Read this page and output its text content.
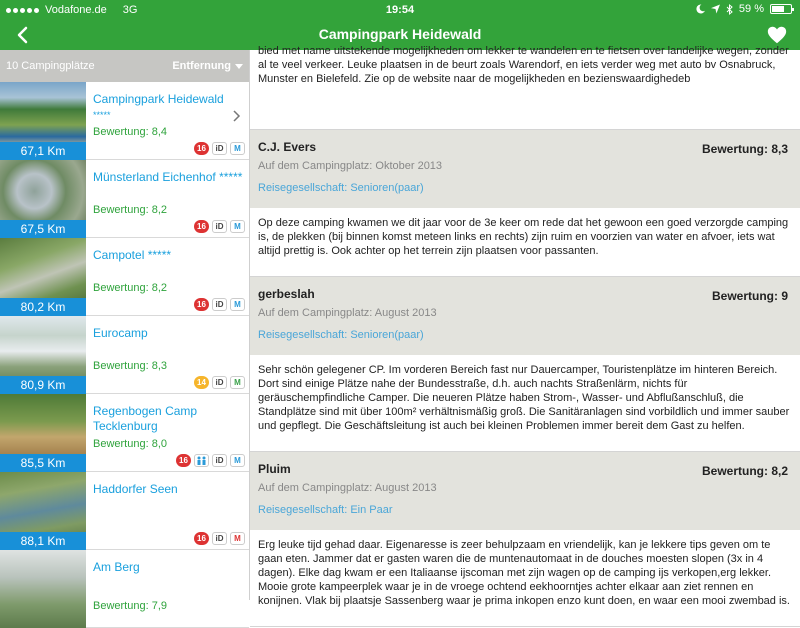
Vodafone.de 3G	19:54	59 %
Campingpark Heidewald
10 Campingplätze	Entfernung
67,1 Km
Campingpark Heidewald
*****
Bewertung: 8,4
16	iD	M
67,5 Km
Münsterland Eichenhof *****
Bewertung: 8,2
16	iD	M
80,2 Km
Campotel *****
Bewertung: 8,2
16	iD	M
80,9 Km
Eurocamp
Bewertung: 8,3
14	iD	M
85,5 Km
Regenbogen Camp Tecklenburg
Bewertung: 8,0
16	iD	M
88,1 Km
Haddorfer Seen
16	iD	M
Am Berg
Bewertung: 7,9

bied met name uitstekende mogelijkheden om lekker te wandelen en te fietsen over landelijke wegen, zonder al te veel verkeer. Leuke plaatsen in de beurt zoals Warendorf, en iets verder weg met auto bv Osnabruck, Munster en Bielefeld. Zie op de website naar de mogelijkheden en bezienswaardighedeb

C.J. Evers	Bewertung: 8,3
Auf dem Campingplatz: Oktober 2013
Reisegesellschaft: Senioren(paar)
Op deze camping kwamen we dit jaar voor de 3e keer om rede dat het gewoon een goed verzorgde camping is, de plekken (bij binnen komst meteen links en rechts) zijn ruim en voorzien van water en afvoer, iets wat altijd prettig is. Ook achter op het terrein zijn plaatsen voor passanten.
gerbeslah	Bewertung: 9
Auf dem Campingplatz: August 2013
Reisegesellschaft: Senioren(paar)
Sehr schön gelegener CP. Im vorderen Bereich fast nur Dauercamper, Touristenplätze im hinteren Bereich. Dort sind einige Plätze nahe der Bundesstraße, d.h. auch nachts Straßenlärm, nichts für geräuschempfindliche Camper. Die neueren Plätze haben Strom-, Wasser- und Abflußanschluß, die Standplätze sind mit über 100m² verhältnismäßig groß. Die Sanitäranlagen sind vorbildlich und immer sauber und gepflegt. Die Geschäftsleitung ist auch bei kleinen Problemen immer bereit dem Gast zu helfen.
Pluim	Bewertung: 8,2
Auf dem Campingplatz: August 2013
Reisegesellschaft: Ein Paar
Erg leuke tijd gehad daar. Eigenaresse is zeer behulpzaam en vriendelijk, kan je lekkere tips geven om te gaan eten. Jammer dat er gasten waren die de muntenautomaat in de douches moesten slopen (3x in 4 dagen). Elke dag kwam er een Italiaanse ijscoman met zijn wagen op de camping ijs verkopen,erg lekker. Mooie grote kampeerplek waar je in de vroege ochtend eekhoorntjes achter elkaar aan ziet rennen en konijnen. Vlak bij plaatsje Sassenberg waar je prima inkopen enzo kunt doen, en waar een mooi zwembad is.
